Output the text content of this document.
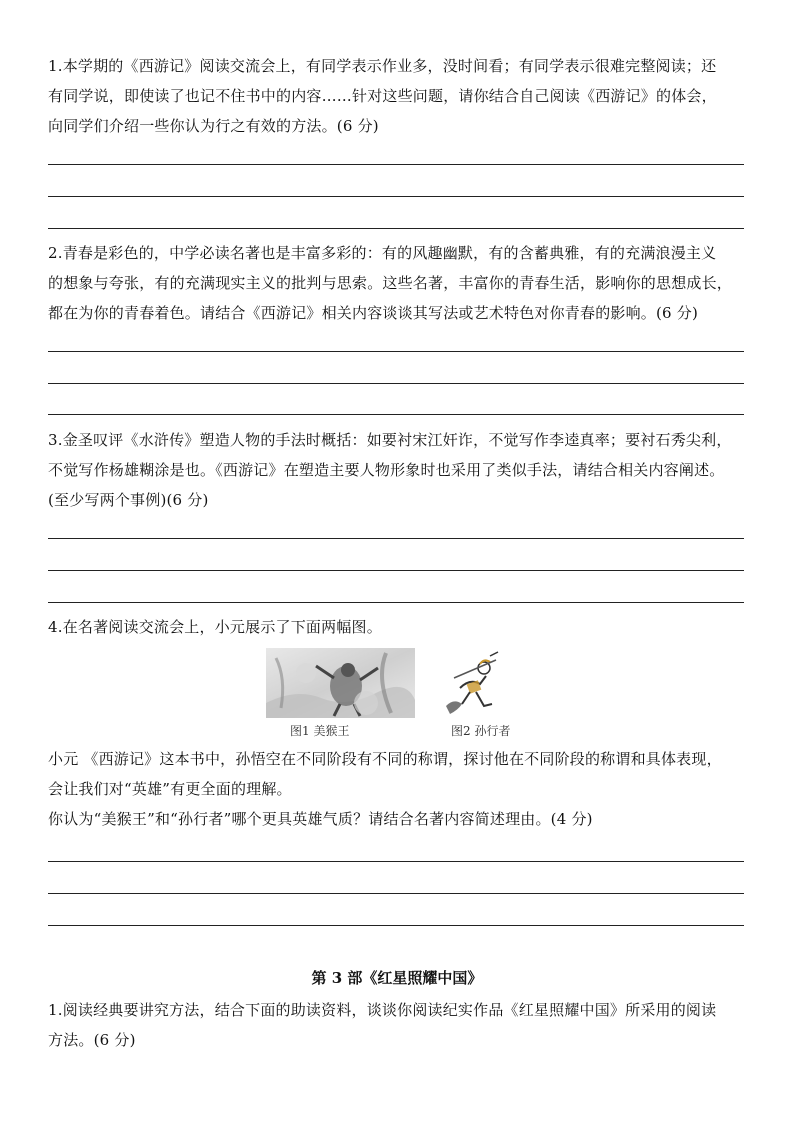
1.本学期的《西游记》阅读交流会上，有同学表示作业多，没时间看；有同学表示很难完整阅读；还
有同学说，即使读了也记不住书中的内容……针对这些问题，请你结合自己阅读《西游记》的体会，
向同学们介绍一些你认为行之有效的方法。(6 分)

2.青春是彩色的，中学必读名著也是丰富多彩的：有的风趣幽默，有的含蓄典雅，有的充满浪漫主义
的想象与夸张，有的充满现实主义的批判与思索。这些名著，丰富你的青春生活，影响你的思想成长，
都在为你的青春着色。请结合《西游记》相关内容谈谈其写法或艺术特色对你青春的影响。(6 分)

3.金圣叹评《水浒传》塑造人物的手法时概括：如要衬宋江奸诈，不觉写作李逵真率；要衬石秀尖利，
不觉写作杨雄糊涂是也。《西游记》在塑造主要人物形象时也采用了类似手法，请结合相关内容阐述。
(至少写两个事例)(6 分)

4.在名著阅读交流会上，小元展示了下面两幅图。

图1 美猴王	图2 孙行者

小元 《西游记》这本书中，孙悟空在不同阶段有不同的称谓，探讨他在不同阶段的称谓和具体表现，
会让我们对“英雄”有更全面的理解。
你认为“美猴王”和“孙行者”哪个更具英雄气质？请结合名著内容简述理由。(4 分)

第 3 部《红星照耀中国》

1.阅读经典要讲究方法，结合下面的助读资料，谈谈你阅读纪实作品《红星照耀中国》所采用的阅读
方法。(6 分)
